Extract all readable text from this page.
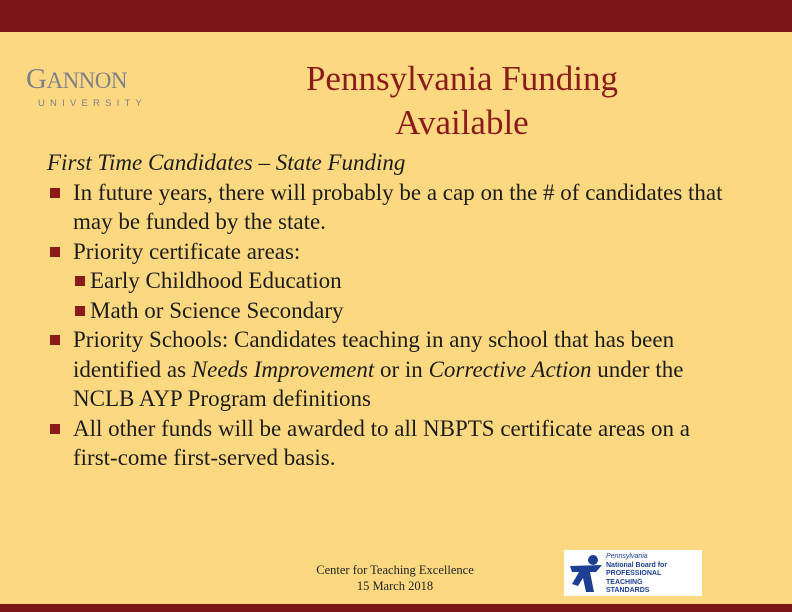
GANNON
UNIVERSITY
Pennsylvania Funding
Available
First Time Candidates – State Funding
In future years, there will probably be a cap on the # of candidates that may be funded by the state.
Priority certificate areas:
Early Childhood Education
Math or Science Secondary
Priority Schools: Candidates teaching in any school that has been identified as Needs Improvement or in Corrective Action under the NCLB AYP Program definitions
All other funds will be awarded to all NBPTS certificate areas on a first-come first-served basis.
Center for Teaching Excellence
15 March 2018
Pennsylvania
National Board for
PROFESSIONAL
TEACHING
STANDARDS
